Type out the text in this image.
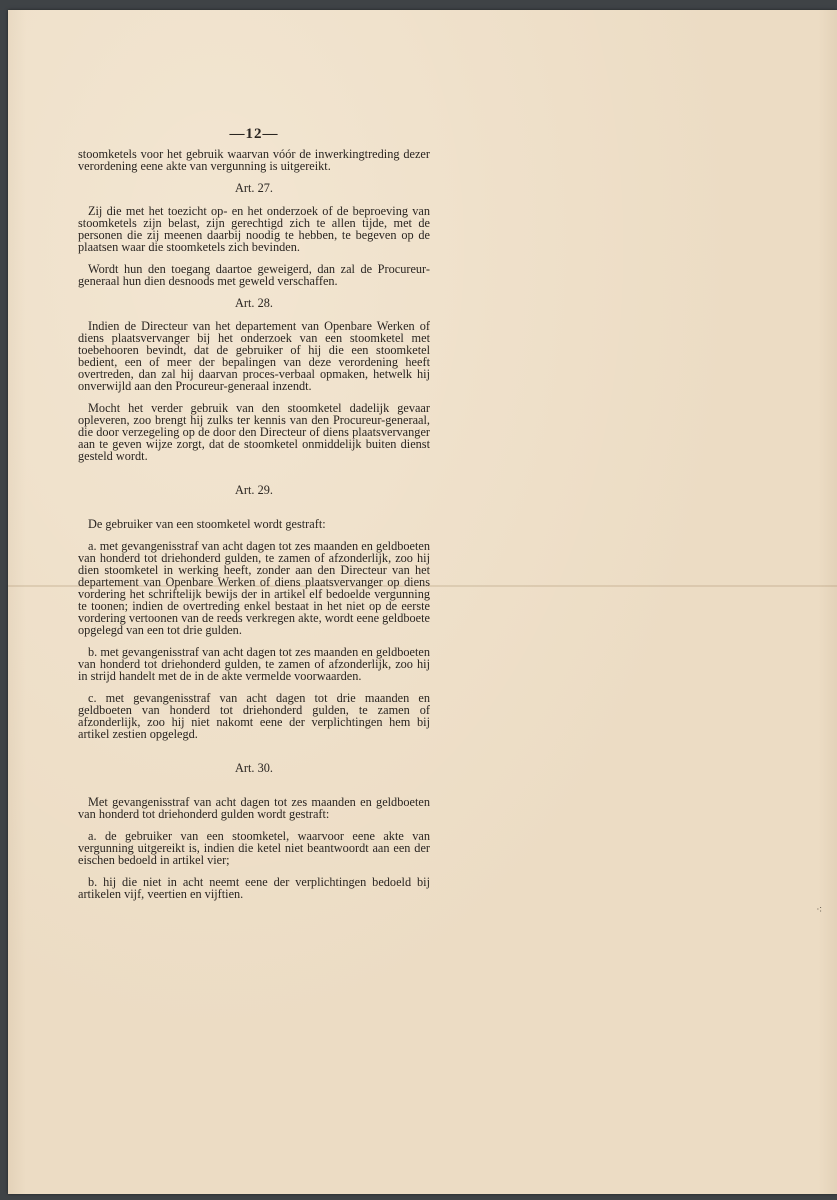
—12—

stoomketels voor het gebruik waarvan vóór de inwerkingtreding dezer verordening eene akte van vergunning is uitgereikt.

Art. 27.

Zij die met het toezicht op- en het onderzoek of de beproeving van stoomketels zijn belast, zijn gerechtigd zich te allen tijde, met de personen die zij meenen daarbij noodig te hebben, te begeven op de plaatsen waar die stoomketels zich bevinden.

Wordt hun den toegang daartoe geweigerd, dan zal de Procureur-generaal hun dien desnoods met geweld verschaffen.

Art. 28.

Indien de Directeur van het departement van Openbare Werken of diens plaatsvervanger bij het onderzoek van een stoomketel met toebehooren bevindt, dat de gebruiker of hij die een stoomketel bedient, een of meer der bepalingen van deze verordening heeft overtreden, dan zal hij daarvan proces-verbaal opmaken, hetwelk hij onverwijld aan den Procureur-generaal inzendt.

Mocht het verder gebruik van den stoomketel dadelijk gevaar opleveren, zoo brengt hij zulks ter kennis van den Procureur-generaal, die door verzegeling op de door den Directeur of diens plaatsvervanger aan te geven wijze zorgt, dat de stoomketel onmiddelijk buiten dienst gesteld wordt.

Art. 29.

De gebruiker van een stoomketel wordt gestraft:

a. met gevangenisstraf van acht dagen tot zes maanden en geldboeten van honderd tot driehonderd gulden, te zamen of afzonderlijk, zoo hij dien stoomketel in werking heeft, zonder aan den Directeur van het departement van Openbare Werken of diens plaatsvervanger op diens vordering het schriftelijk bewijs der in artikel elf bedoelde vergunning te toonen; indien de overtreding enkel bestaat in het niet op de eerste vordering vertoonen van de reeds verkregen akte, wordt eene geldboete opgelegd van een tot drie gulden.

b. met gevangenisstraf van acht dagen tot zes maanden en geldboeten van honderd tot driehonderd gulden, te zamen of afzonderlijk, zoo hij in strijd handelt met de in de akte vermelde voorwaarden.

c. met gevangenisstraf van acht dagen tot drie maanden en geldboeten van honderd tot driehonderd gulden, te zamen of afzonderlijk, zoo hij niet nakomt eene der verplichtingen hem bij artikel zestien opgelegd.

Art. 30.

Met gevangenisstraf van acht dagen tot zes maanden en geldboeten van honderd tot driehonderd gulden wordt gestraft:

a. de gebruiker van een stoomketel, waarvoor eene akte van vergunning uitgereikt is, indien die ketel niet beantwoordt aan een der eischen bedoeld in artikel vier;

b. hij die niet in acht neemt eene der verplichtingen bedoeld bij artikelen vijf, veertien en vijftien.

⁖
